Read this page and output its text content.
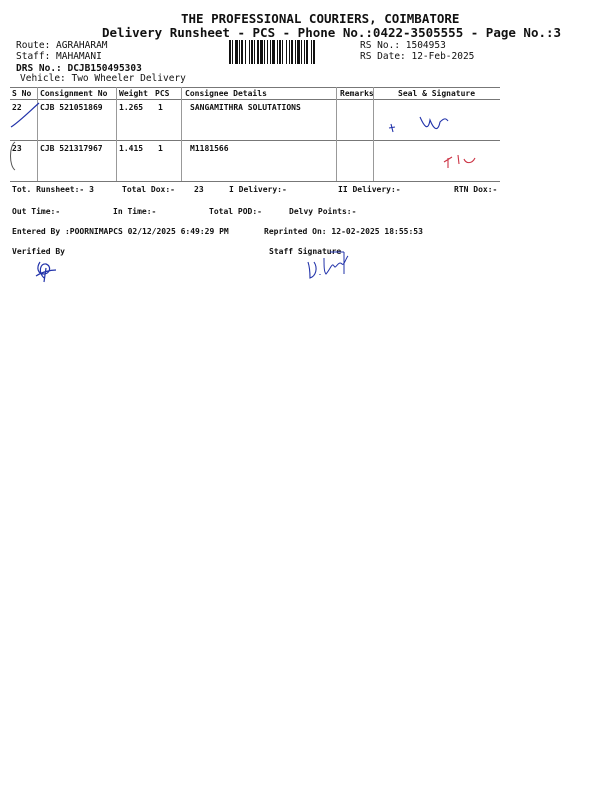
THE PROFESSIONAL COURIERS, COIMBATORE
Delivery Runsheet - PCS - Phone No.:0422-3505555 - Page No.:3
Route: AGRAHARAM
Staff: MAHAMANI
DRS No.: DCJB150495303
Vehicle: Two Wheeler Delivery
RS No.: 1504953
RS Date: 12-Feb-2025
S No Consignment No Weight PCS Consignee Details	Remarks	Seal & Signature
22 CJB 521051869 1.265 1	SANGAMITHRA SOLUTATIONS
23 CJB 521317967 1.415 1	M1181566
Tot. Runsheet:- 3	Total Dox:- 23	I Delivery:-	II Delivery:-	RTN Dox:-
Out Time:-	In Time:-	Total POD:-	Delvy Points:-
Entered By :POORNIMAPCS 02/12/2025 6:49:29 PM	Reprinted On: 12-02-2025 18:55:53
Verified By	Staff Signature
